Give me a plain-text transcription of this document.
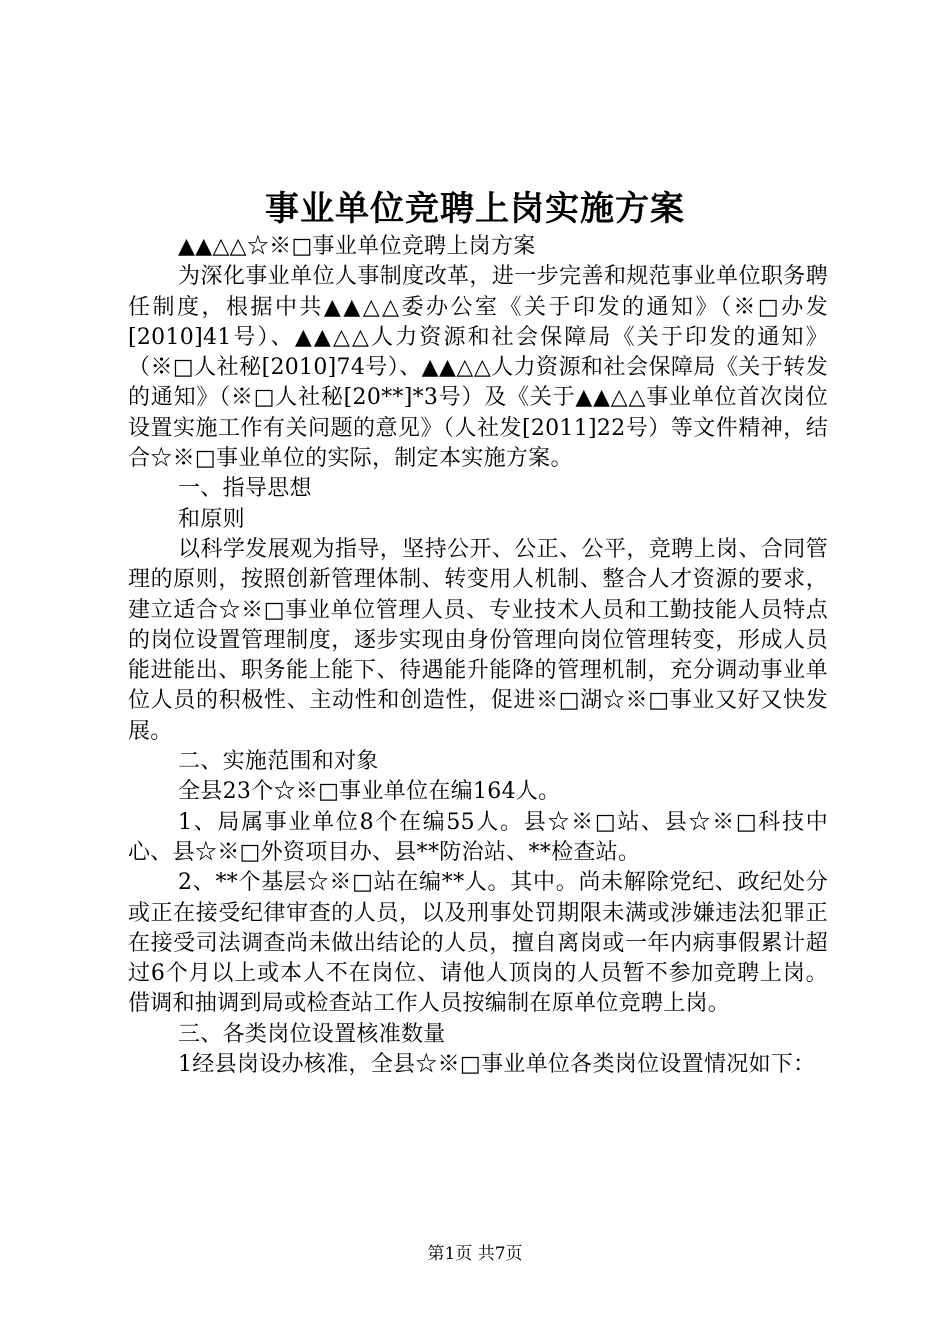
事业单位竞聘上岗实施方案

▲▲△△☆※□事业单位竞聘上岗方案

为深化事业单位人事制度改革，进一步完善和规范事业单位职务聘任制度，根据中共▲▲△△委办公室《关于印发的通知》（※□办发[2010]41号）、▲▲△△人力资源和社会保障局《关于印发的通知》（※□人社秘[2010]74号）、▲▲△△人力资源和社会保障局《关于转发的通知》（※□人社秘[20**]*3号）及《关于▲▲△△事业单位首次岗位设置实施工作有关问题的意见》（人社发[2011]22号）等文件精神，结合☆※□事业单位的实际，制定本实施方案。

一、指导思想

和原则

以科学发展观为指导，坚持公开、公正、公平，竞聘上岗、合同管理的原则，按照创新管理体制、转变用人机制、整合人才资源的要求，建立适合☆※□事业单位管理人员、专业技术人员和工勤技能人员特点的岗位设置管理制度，逐步实现由身份管理向岗位管理转变，形成人员能进能出、职务能上能下、待遇能升能降的管理机制，充分调动事业单位人员的积极性、主动性和创造性，促进※□湖☆※□事业又好又快发展。

二、实施范围和对象

全县23个☆※□事业单位在编164人。

1、局属事业单位8个在编55人。县☆※□站、县☆※□科技中心、县☆※□外资项目办、县**防治站、**检查站。

2、**个基层☆※□站在编**人。其中。尚未解除党纪、政纪处分或正在接受纪律审查的人员，以及刑事处罚期限未满或涉嫌违法犯罪正在接受司法调查尚未做出结论的人员，擅自离岗或一年内病事假累计超过6个月以上或本人不在岗位、请他人顶岗的人员暂不参加竞聘上岗。借调和抽调到局或检查站工作人员按编制在原单位竞聘上岗。

三、各类岗位设置核准数量

1经县岗设办核准，全县☆※□事业单位各类岗位设置情况如下：

第1页 共7页
